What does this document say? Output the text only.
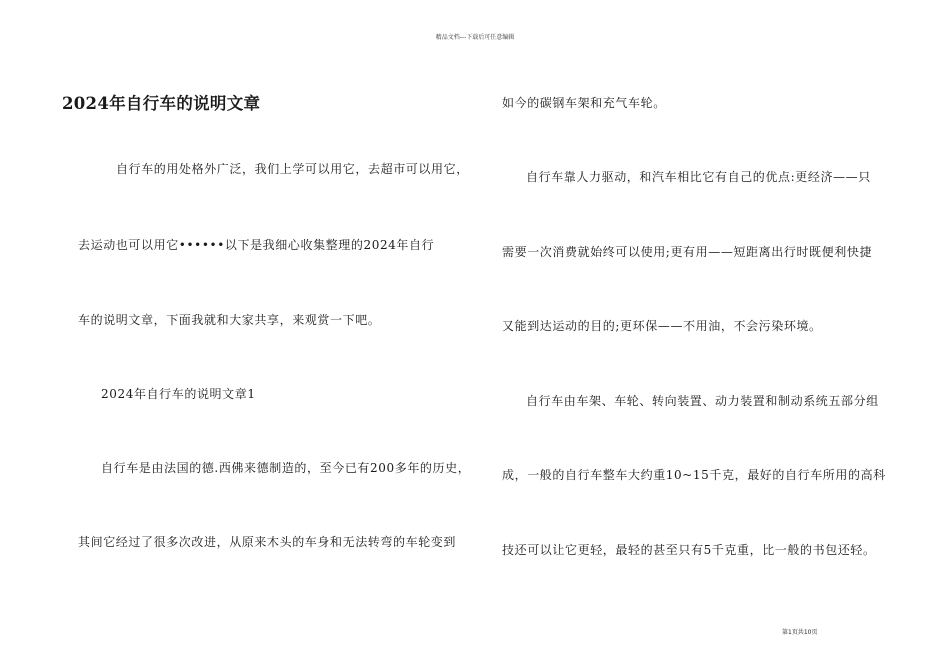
精品文档---下载后可任意编辑
2024年自行车的说明文章
自行车的用处格外广泛，我们上学可以用它，去超市可以用它，
去运动也可以用它••••••以下是我细心收集整理的2024年自行
车的说明文章，下面我就和大家共享，来观赏一下吧。
2024年自行车的说明文章1
自行车是由法国的德.西佛来德制造的，至今已有200多年的历史，
其间它经过了很多次改进，从原来木头的车身和无法转弯的车轮变到
如今的碳钢车架和充气车轮。
自行车靠人力驱动，和汽车相比它有自己的优点:更经济——只
需要一次消费就始终可以使用;更有用——短距离出行时既便利快捷
又能到达运动的目的;更环保——不用油，不会污染环境。
自行车由车架、车轮、转向装置、动力装置和制动系统五部分组
成，一般的自行车整车大约重10~15千克，最好的自行车所用的高科
技还可以让它更轻，最轻的甚至只有5千克重，比一般的书包还轻。
第1页共10页
